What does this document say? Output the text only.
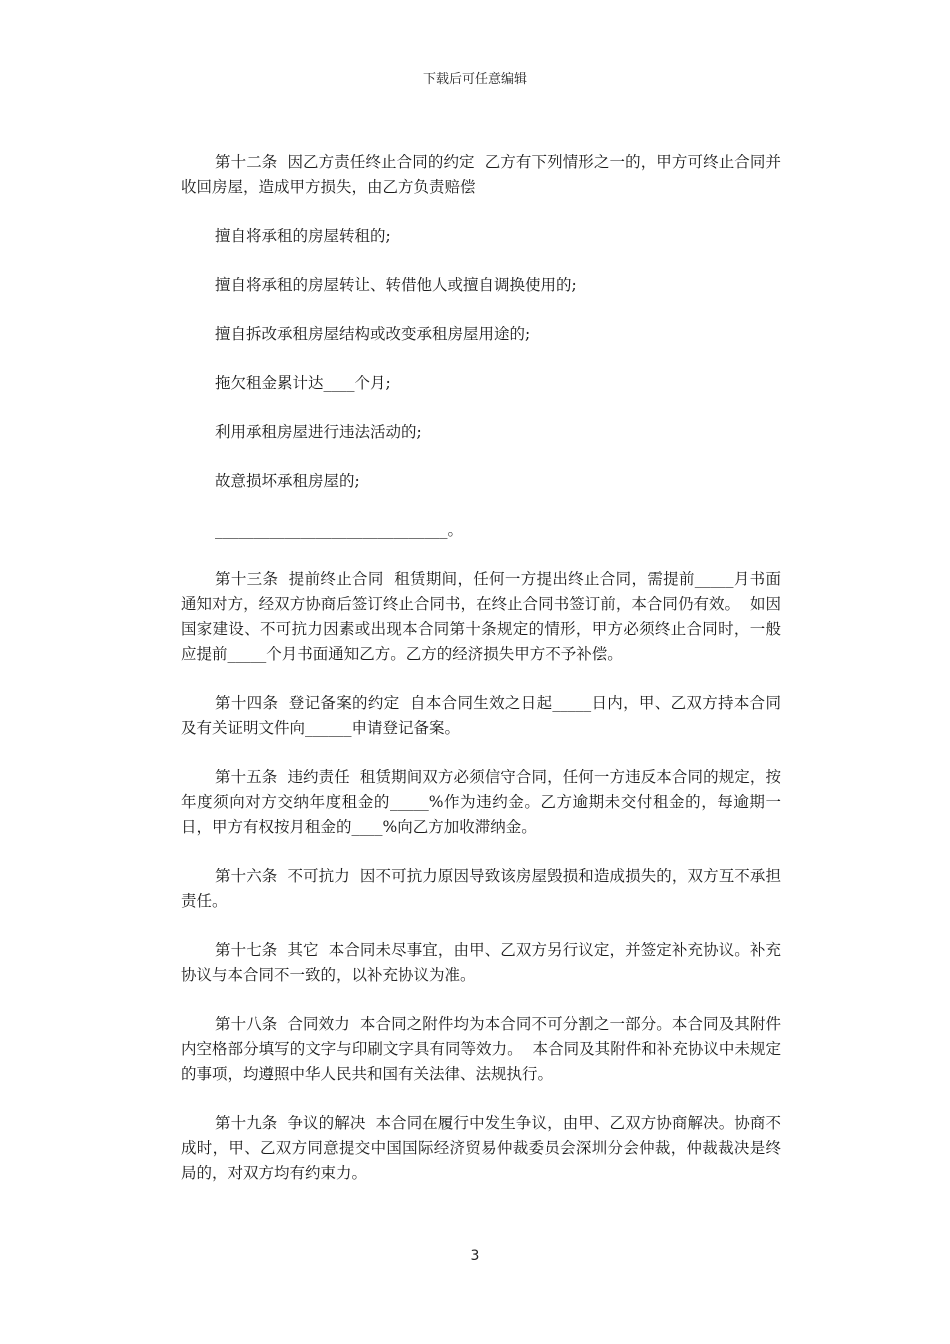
下载后可任意编辑

第十二条  因乙方责任终止合同的约定  乙方有下列情形之一的，甲方可终止合同并收回房屋，造成甲方损失，由乙方负责赔偿

擅自将承租的房屋转租的;

擅自将承租的房屋转让、转借他人或擅自调换使用的;

擅自拆改承租房屋结构或改变承租房屋用途的;

拖欠租金累计达____个月;

利用承租房屋进行违法活动的;

故意损坏承租房屋的;

______________________________。

第十三条  提前终止合同  租赁期间，任何一方提出终止合同，需提前_____月书面通知对方，经双方协商后签订终止合同书，在终止合同书签订前，本合同仍有效。  如因国家建设、不可抗力因素或出现本合同第十条规定的情形，甲方必须终止合同时，一般应提前_____个月书面通知乙方。乙方的经济损失甲方不予补偿。

第十四条  登记备案的约定  自本合同生效之日起_____日内，甲、乙双方持本合同及有关证明文件向______申请登记备案。

第十五条  违约责任  租赁期间双方必须信守合同，任何一方违反本合同的规定，按年度须向对方交纳年度租金的_____%作为违约金。乙方逾期未交付租金的，每逾期一日，甲方有权按月租金的____%向乙方加收滞纳金。

第十六条  不可抗力  因不可抗力原因导致该房屋毁损和造成损失的，双方互不承担责任。

第十七条  其它  本合同未尽事宜，由甲、乙双方另行议定，并签定补充协议。补充协议与本合同不一致的，以补充协议为准。

第十八条  合同效力  本合同之附件均为本合同不可分割之一部分。本合同及其附件内空格部分填写的文字与印刷文字具有同等效力。  本合同及其附件和补充协议中未规定的事项，均遵照中华人民共和国有关法律、法规执行。

第十九条  争议的解决  本合同在履行中发生争议，由甲、乙双方协商解决。协商不成时，甲、乙双方同意提交中国国际经济贸易仲裁委员会深圳分会仲裁，仲裁裁决是终局的，对双方均有约束力。

3
